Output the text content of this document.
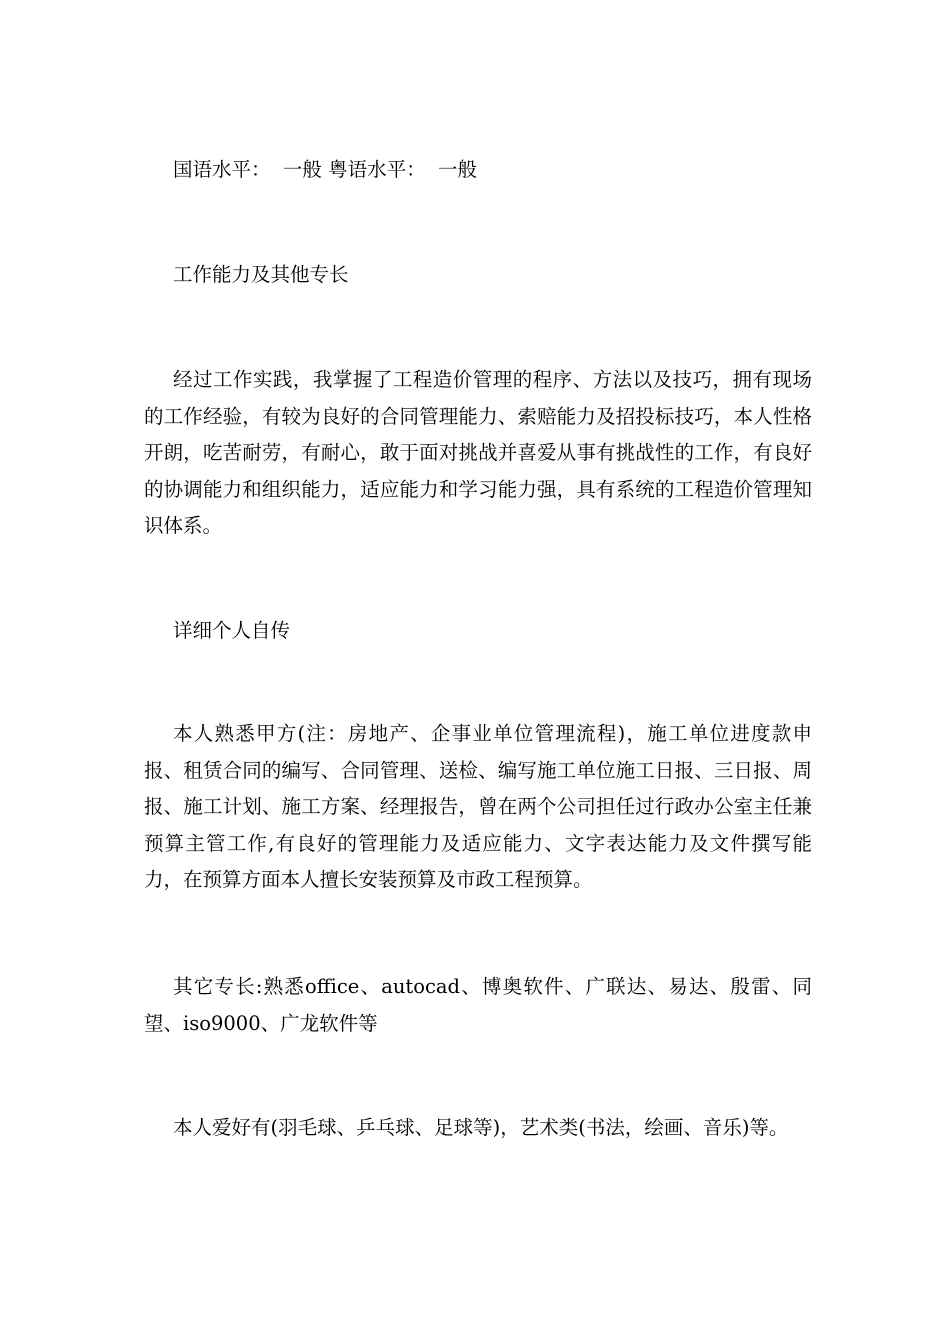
国语水平：  一般 粤语水平：  一般

工作能力及其他专长

经过工作实践，我掌握了工程造价管理的程序、方法以及技巧，拥有现场的工作经验，有较为良好的合同管理能力、索赔能力及招投标技巧，本人性格开朗，吃苦耐劳，有耐心，敢于面对挑战并喜爱从事有挑战性的工作，有良好的协调能力和组织能力，适应能力和学习能力强，具有系统的工程造价管理知识体系。

详细个人自传

本人熟悉甲方(注：房地产、企事业单位管理流程)，施工单位进度款申报、租赁合同的编写、合同管理、送检、编写施工单位施工日报、三日报、周报、施工计划、施工方案、经理报告，曾在两个公司担任过行政办公室主任兼预算主管工作,有良好的管理能力及适应能力、文字表达能力及文件撰写能力，在预算方面本人擅长安装预算及市政工程预算。

其它专长:熟悉office、autocad、博奥软件、广联达、易达、殷雷、同望、iso9000、广龙软件等

本人爱好有(羽毛球、乒乓球、足球等)，艺术类(书法，绘画、音乐)等。
